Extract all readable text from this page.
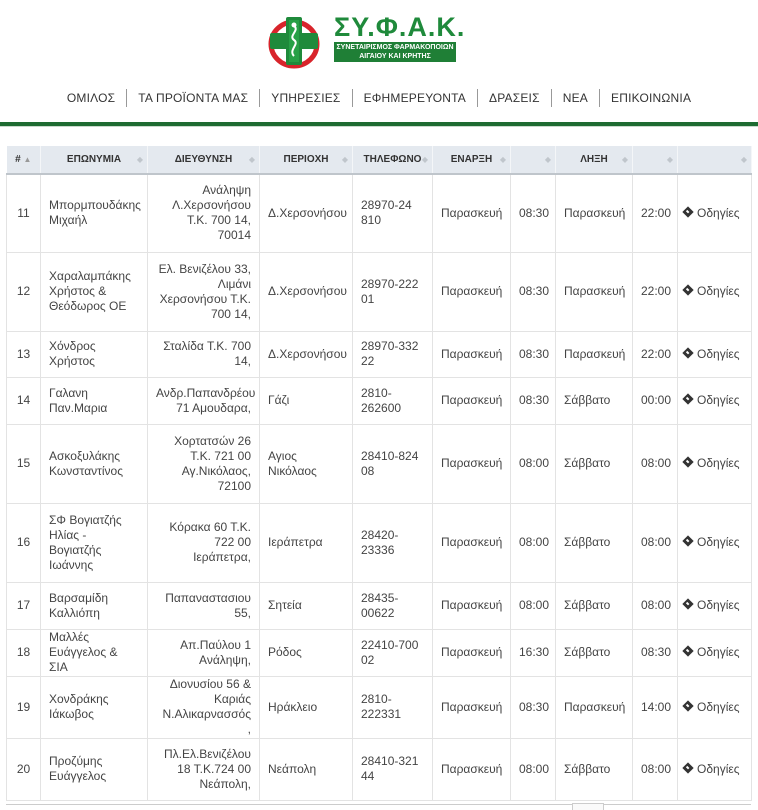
ΣΥ.Φ.Α.Κ.
ΣΥΝΕΤΑΙΡΙΣΜΟΣ ΦΑΡΜΑΚΟΠΟΙΩΝ
ΑΙΓΑΙΟΥ ΚΑΙ ΚΡΗΤΗΣ
ΟΜΙΛΟΣ ΤΑ ΠΡΟΪΟΝΤΑ ΜΑΣ ΥΠΗΡΕΣΙΕΣ ΕΦΗΜΕΡΕΥΟΝΤΑ ΔΡΑΣΕΙΣ ΝΕΑ ΕΠΙΚΟΙΝΩΝΙΑ
# ▲	ΕΠΩΝΥΜΙΑ ◆	ΔΙΕΥΘΥΝΣΗ ◆	ΠΕΡΙΟΧΗ ◆	ΤΗΛΕΦΩΝΟ ◆	ΕΝΑΡΞΗ ◆	◆	ΛΗΞΗ ◆	◆	◆

11	Μπορμπουδάκης Μιχαήλ	Ανάληψη Λ.Χερσονήσου Τ.Κ. 700 14, 70014	Δ.Χερσονήσου	28970-24 810	Παρασκευή	08:30	Παρασκευή	22:00	Οδηγίες
12	Χαραλαμπάκης Χρήστος & Θεόδωρος ΟΕ	Ελ. Βενιζέλου 33, Λιμάνι Χερσονήσου Τ.Κ. 700 14,	Δ.Χερσονήσου	28970-222 01	Παρασκευή	08:30	Παρασκευή	22:00	Οδηγίες
13	Χόνδρος Χρήστος	Σταλίδα Τ.Κ. 700 14,	Δ.Χερσονήσου	28970-332 22	Παρασκευή	08:30	Παρασκευή	22:00	Οδηγίες
14	Γαλανη Παν.Μαρια	Ανδρ.Παπανδρέου 71 Αμουδαρα,	Γάζι	2810-262600	Παρασκευή	08:30	Σάββατο	00:00	Οδηγίες
15	Ασκοξυλάκης Κωνσταντίνος	Χορτατσών 26 Τ.Κ. 721 00 Αγ.Νικόλαος, 72100	Αγιος Νικόλαος	28410-824 08	Παρασκευή	08:00	Σάββατο	08:00	Οδηγίες
16	ΣΦ Βογιατζής Ηλίας - Βογιατζής Ιωάννης	Κόρακα 60 Τ.Κ. 722 00 Ιεράπετρα,	Ιεράπετρα	28420-23336	Παρασκευή	08:00	Σάββατο	08:00	Οδηγίες
17	Βαρσαμίδη Καλλιόπη	Παπαναστασιου 55,	Σητεία	28435-00622	Παρασκευή	08:00	Σάββατο	08:00	Οδηγίες
18	Μαλλές Ευάγγελος & ΣΙΑ	Απ.Παύλου 1 Ανάληψη,	Ρόδος	22410-700 02	Παρασκευή	16:30	Σάββατο	08:30	Οδηγίες
19	Χονδράκης Ιάκωβος	Διονυσίου 56 & Καριάς Ν.Αλικαρνασσός ,	Ηράκλειο	2810-222331	Παρασκευή	08:30	Παρασκευή	14:00	Οδηγίες
20	Προζύμης Ευάγγελος	Πλ.Ελ.Βενιζέλου 18 Τ.Κ.724 00 Νεάπολη,	Νεάπολη	28410-321 44	Παρασκευή	08:00	Σάββατο	08:00	Οδηγίες
